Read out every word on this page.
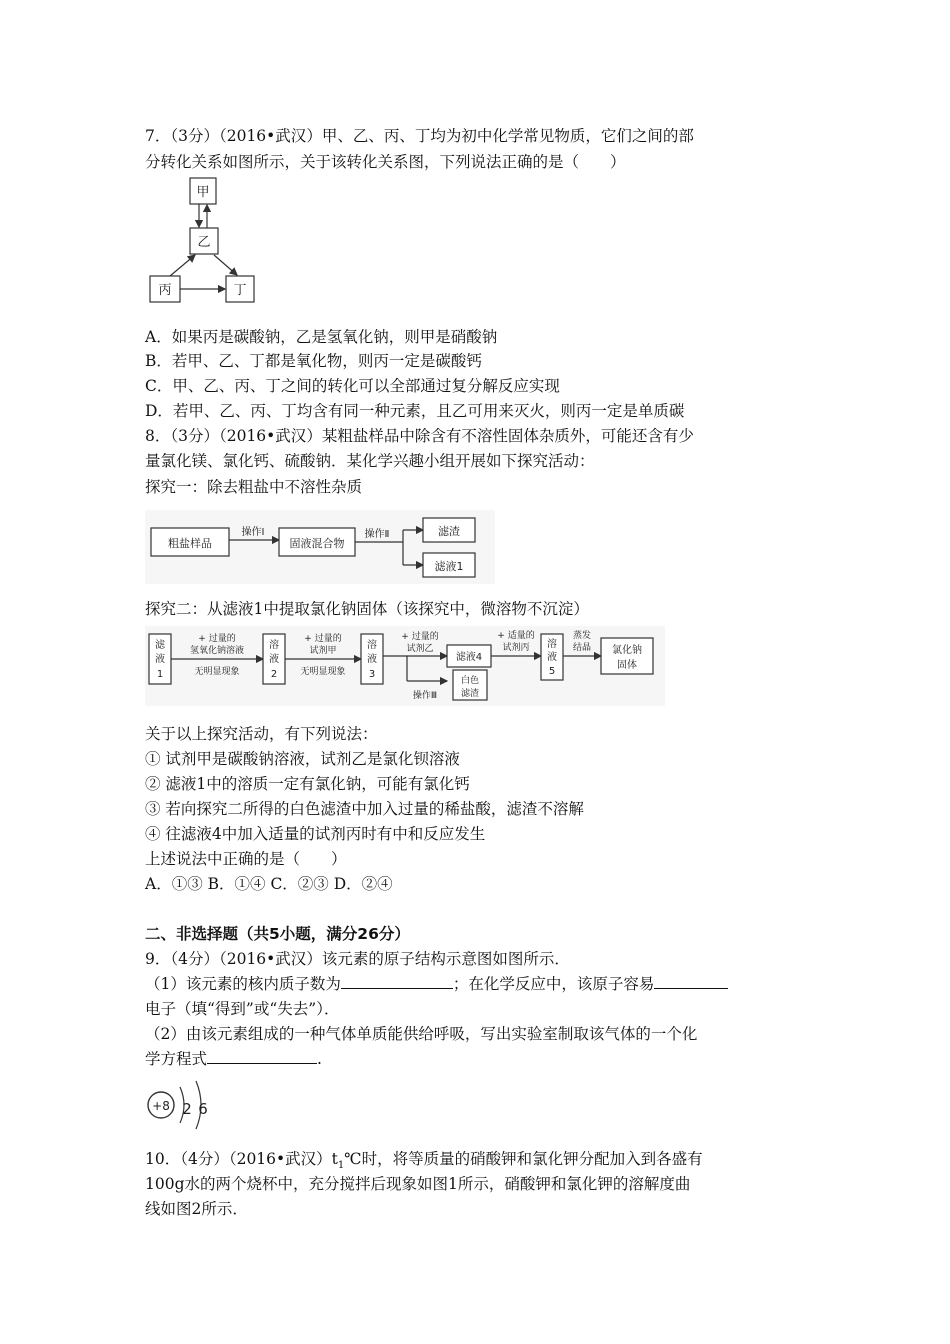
7．（3分）（2016•武汉）甲、乙、丙、丁均为初中化学常见物质，它们之间的部
分转化关系如图所示，关于该转化关系图，下列说法正确的是（　　）
甲
乙
丙	丁
A．如果丙是碳酸钠，乙是氢氧化钠，则甲是硝酸钠
B．若甲、乙、丁都是氧化物，则丙一定是碳酸钙
C．甲、乙、丙、丁之间的转化可以全部通过复分解反应实现
D．若甲、乙、丙、丁均含有同一种元素，且乙可用来灭火，则丙一定是单质碳
8．（3分）（2016•武汉）某粗盐样品中除含有不溶性固体杂质外，可能还含有少
量氯化镁、氯化钙、硫酸钠．某化学兴趣小组开展如下探究活动：
探究一：除去粗盐中不溶性杂质
粗盐样品
操作Ⅰ
固液混合物
操作Ⅱ	滤渣
滤液1
探究二：从滤液1中提取氯化钠固体（该探究中，微溶物不沉淀）
滤
液
1
+ 过量的
氢氧化钠溶液
无明显现象
溶
液
2
+ 过量的
试剂甲
无明显现象
溶
液
3
+ 过量的
试剂乙
操作Ⅲ
滤液4
白色
滤渣
+ 适量的
试剂丙 溶
液
5
蒸发
结晶 氯化钠
固体
关于以上探究活动，有下列说法：
① 试剂甲是碳酸钠溶液，试剂乙是氯化钡溶液
② 滤液1中的溶质一定有氯化钠，可能有氯化钙
③ 若向探究二所得的白色滤渣中加入过量的稀盐酸，滤渣不溶解
④ 往滤液4中加入适量的试剂丙时有中和反应发生
上述说法中正确的是（　　）
A．①③ B．①④ C．②③ D．②④
二、非选择题（共5小题，满分26分）
9．（4分）（2016•武汉）该元素的原子结构示意图如图所示．
（1）该元素的核内质子数为	；在化学反应中，该原子容易
电子（填“得到”或“失去”）．
（2）由该元素组成的一种气体单质能供给呼吸，写出实验室制取该气体的一个化
学方程式	.
+8 2 6
10．（4分）（2016•武汉）$t_1℃$时，将等质量的硝酸钾和氯化钾分配加入到各盛有
100g水的两个烧杯中，充分搅拌后现象如图1所示，硝酸钾和氯化钾的溶解度曲
线如图2所示．
